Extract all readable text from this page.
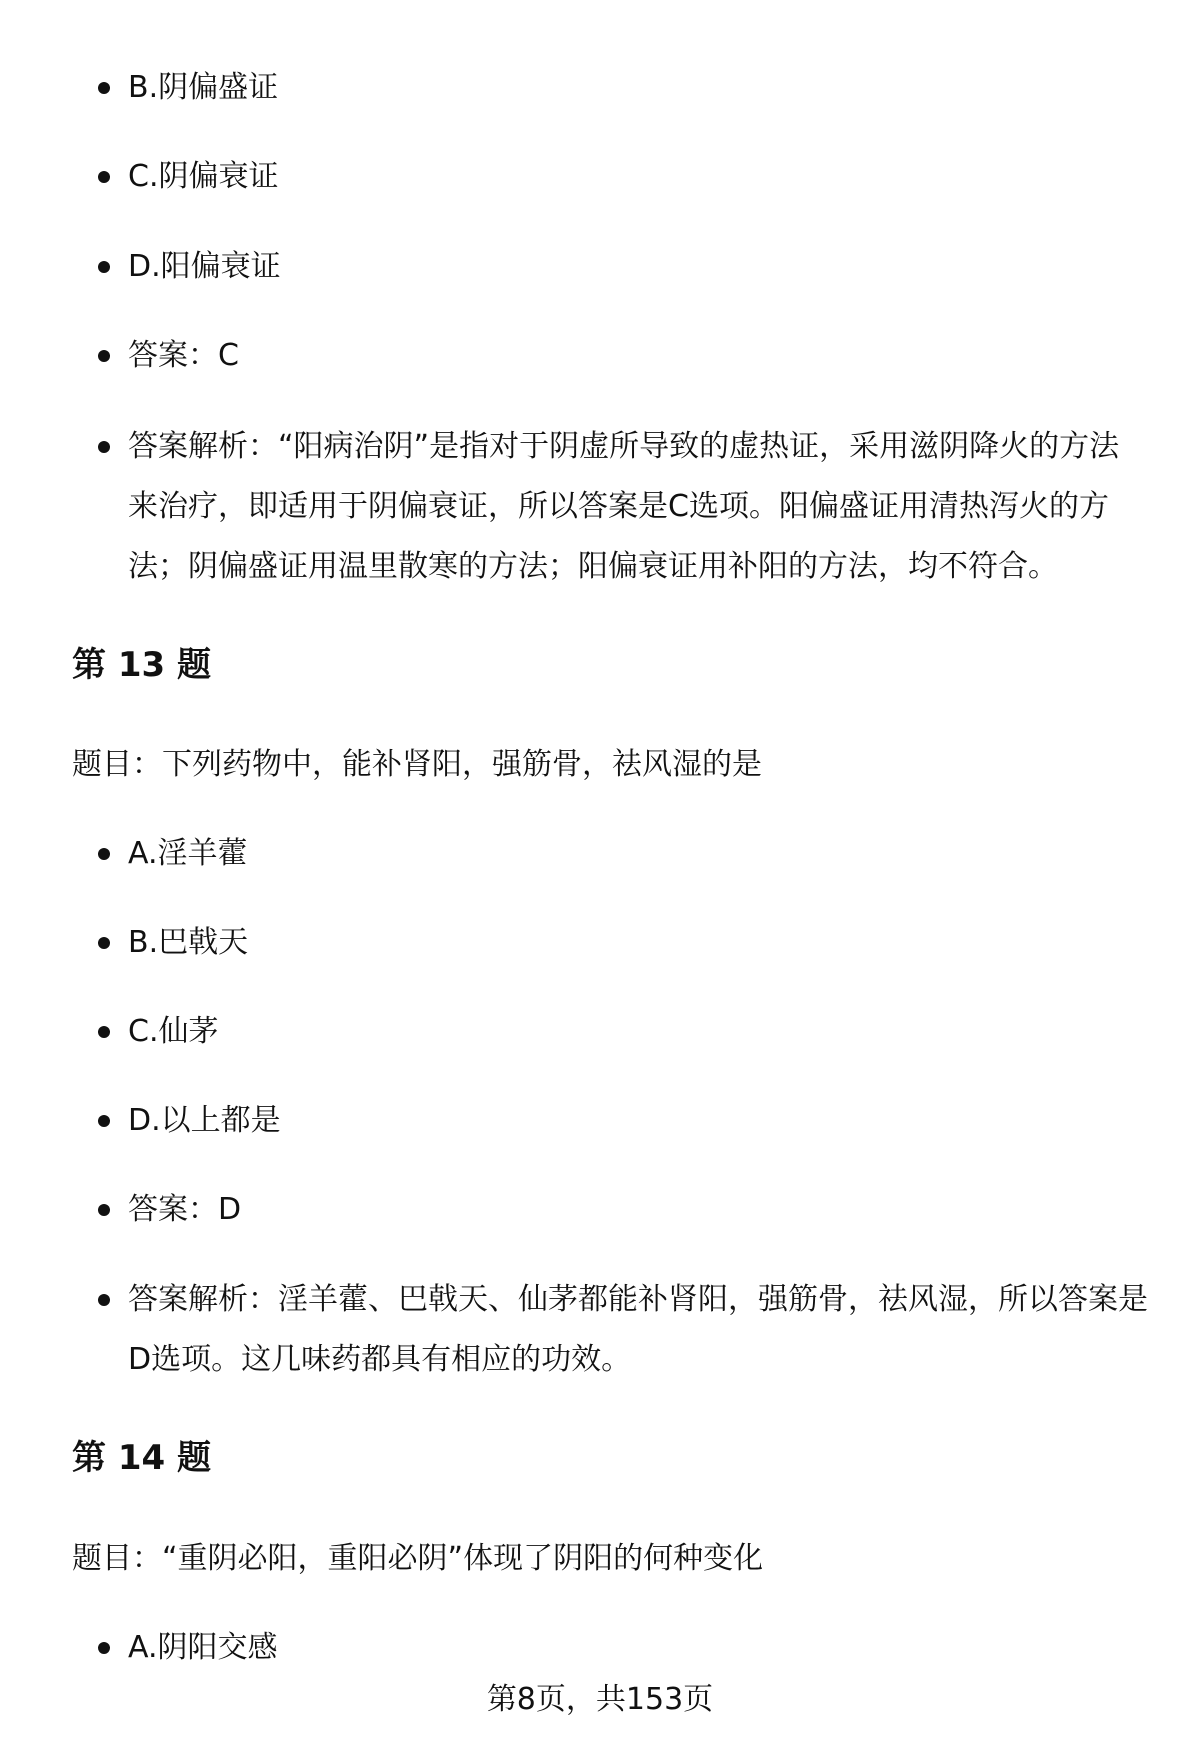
B.阴偏盛证
C.阴偏衰证
D.阳偏衰证
答案：C
答案解析：“阳病治阴”是指对于阴虚所导致的虚热证，采用滋阴降火的方法来治疗，即适用于阴偏衰证，所以答案是C选项。阳偏盛证用清热泻火的方法；阴偏盛证用温里散寒的方法；阳偏衰证用补阳的方法，均不符合。
第 13 题

题目：下列药物中，能补肾阳，强筋骨，祛风湿的是

A.淫羊藿
B.巴戟天
C.仙茅
D.以上都是
答案：D
答案解析：淫羊藿、巴戟天、仙茅都能补肾阳，强筋骨，祛风湿，所以答案是D选项。这几味药都具有相应的功效。
第 14 题

题目：“重阴必阳，重阳必阴”体现了阴阳的何种变化

A.阴阳交感
第8页，共153页
